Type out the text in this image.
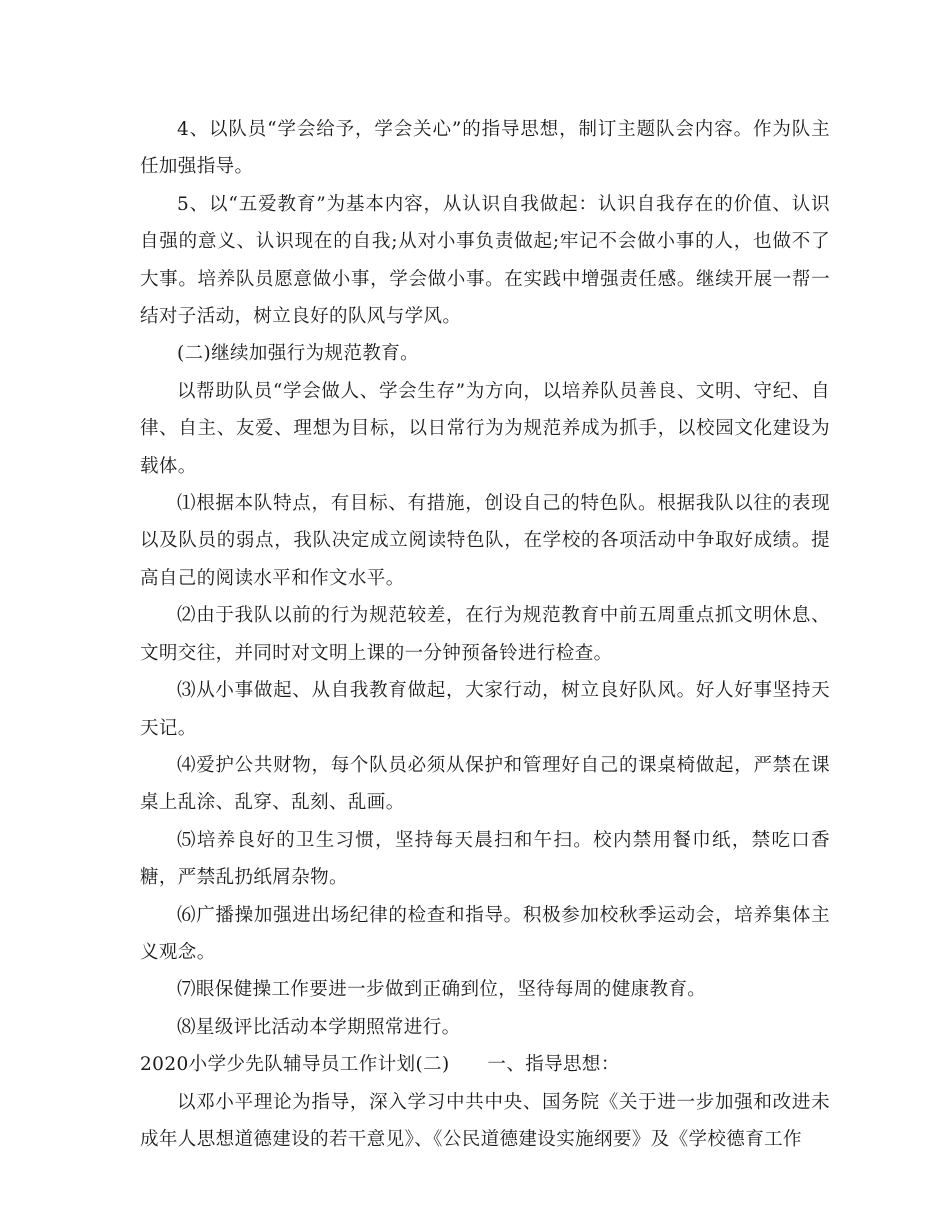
4、以队员“学会给予，学会关心”的指导思想，制订主题队会内容。作为队主任加强指导。

5、以“五爱教育”为基本内容，从认识自我做起：认识自我存在的价值、认识自强的意义、认识现在的自我;从对小事负责做起;牢记不会做小事的人，也做不了大事。培养队员愿意做小事，学会做小事。在实践中增强责任感。继续开展一帮一结对子活动，树立良好的队风与学风。

(二)继续加强行为规范教育。

以帮助队员“学会做人、学会生存”为方向，以培养队员善良、文明、守纪、自律、自主、友爱、理想为目标，以日常行为为规范养成为抓手，以校园文化建设为载体。

⑴根据本队特点，有目标、有措施，创设自己的特色队。根据我队以往的表现以及队员的弱点，我队决定成立阅读特色队，在学校的各项活动中争取好成绩。提高自己的阅读水平和作文水平。

⑵由于我队以前的行为规范较差，在行为规范教育中前五周重点抓文明休息、文明交往，并同时对文明上课的一分钟预备铃进行检查。

⑶从小事做起、从自我教育做起，大家行动，树立良好队风。好人好事坚持天天记。

⑷爱护公共财物，每个队员必须从保护和管理好自己的课桌椅做起，严禁在课桌上乱涂、乱穿、乱刻、乱画。

⑸培养良好的卫生习惯，坚持每天晨扫和午扫。校内禁用餐巾纸，禁吃口香糖，严禁乱扔纸屑杂物。

⑹广播操加强进出场纪律的检查和指导。积极参加校秋季运动会，培养集体主义观念。

⑺眼保健操工作要进一步做到正确到位，坚待每周的健康教育。

⑻星级评比活动本学期照常进行。

2020小学少先队辅导员工作计划(二)　　一、指导思想：

以邓小平理论为指导，深入学习中共中央、国务院《关于进一步加强和改进未成年人思想道德建设的若干意见》、《公民道德建设实施纲要》及《学校德育工作
